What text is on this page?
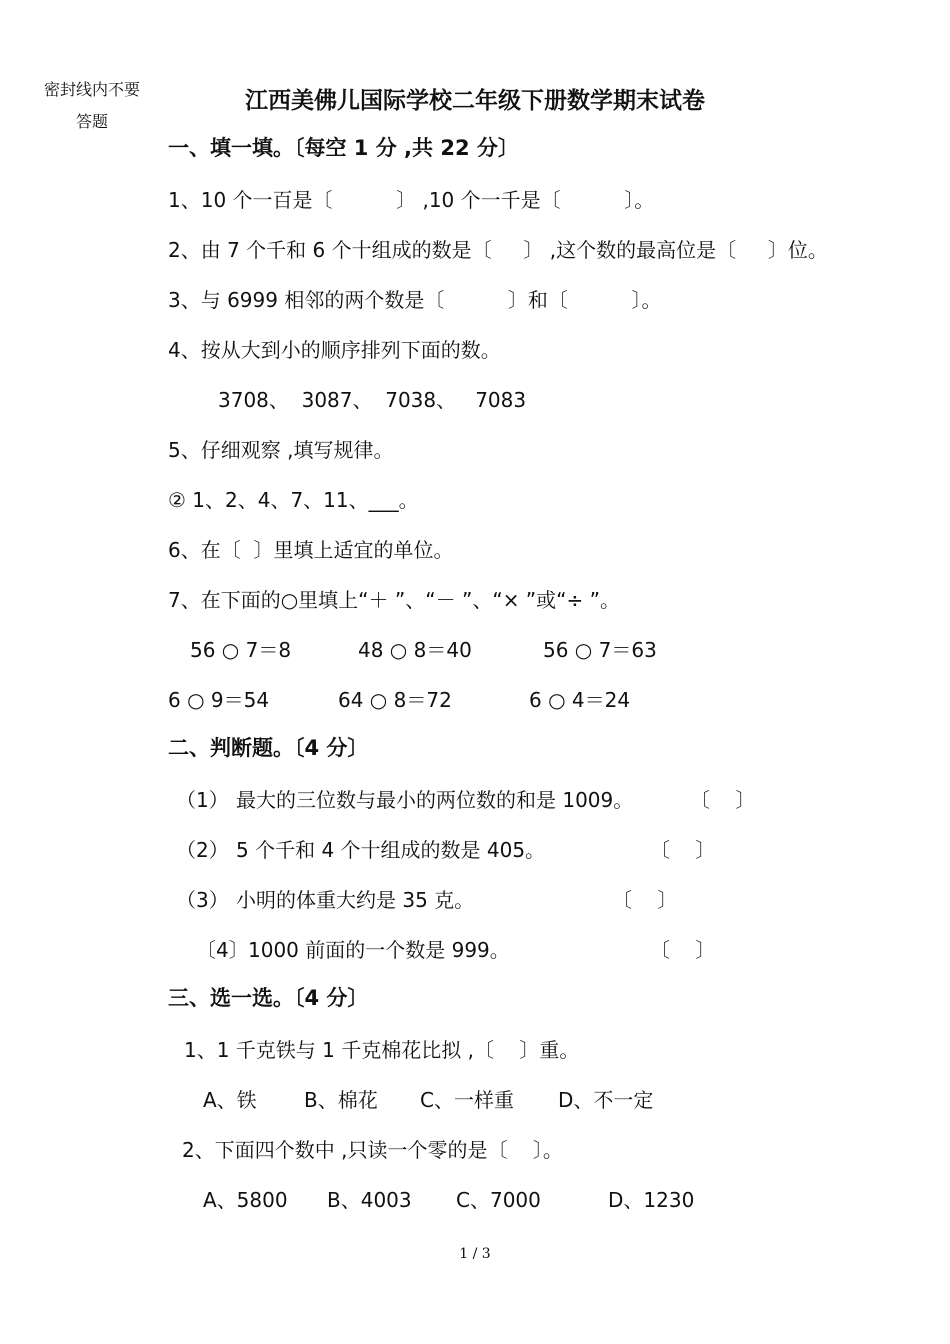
密封线内不要
答题
江西美佛儿国际学校二年级下册数学期末试卷
一、填一填。〔每空 1 分 ,共 22 分〕
1、10 个一百是〔          〕 ,10 个一千是〔          〕。
2、由 7 个千和 6 个十组成的数是〔     〕 ,这个数的最高位是〔     〕位。
3、与 6999 相邻的两个数是〔          〕和〔          〕。
4、按从大到小的顺序排列下面的数。
3708、  3087、  7038、   7083
5、仔细观察 ,填写规律。
② 1、2、4、7、11、___。
6、在〔  〕里填上适宜的单位。
7、在下面的○里填上“＋ ”、“－ ”、“× ”或“÷ ”。
56 ○ 7＝8	48 ○ 8＝40	56 ○ 7＝63
6 ○ 9＝54	64 ○ 8＝72	6 ○ 4＝24
二、判断题。〔4 分〕
（1） 最大的三位数与最小的两位数的和是 1009。	〔    〕
（2） 5 个千和 4 个十组成的数是 405。	〔    〕
（3） 小明的体重大约是 35 克。	〔    〕
〔4〕 1000 前面的一个数是 999。	〔    〕
三、选一选。〔4 分〕
1、1 千克铁与 1 千克棉花比拟 ,〔    〕重。
A、铁 B、棉花 C、一样重 D、不一定
2、下面四个数中 ,只读一个零的是〔    〕。
A、5800 B、4003 C、7000	D、1230
1 / 3
